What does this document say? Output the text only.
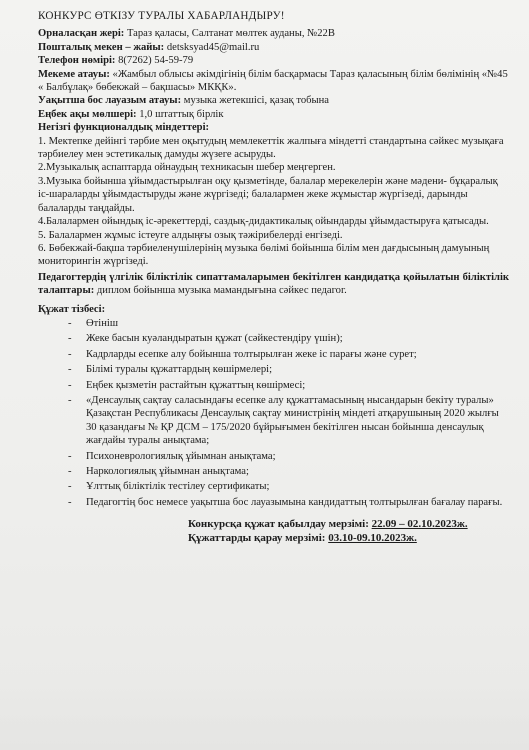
КОНКУРС ӨТКІЗУ ТУРАЛЫ ХАБАРЛАНДЫРУ!

Орналасқан жері: Тараз қаласы, Салтанат мөлтек ауданы, №22В

Пошталық мекен – жайы: detsksyad45@mail.ru

Телефон нөмірі: 8(7262) 54-59-79

Мекеме атауы: «Жамбыл облысы әкімдігінің білім басқармасы Тараз қаласының білім бөлімінің «№45 « Балбұлақ» бөбекжай – бақшасы» МКҚК».

Уақытша бос лауазым атауы: музыка жетекшісі, қазақ тобына

Еңбек ақы мөлшері: 1,0 штаттық бірлік

Негізгі функционалдық міндеттері:

1. Мектепке дейінгі тәрбие мен оқытудың мемлекеттік жалпыға міндетті стандартына сәйкес музықаға тәрбиелеу мен эстетикалық дамуды жүзеге асыруды.

2.Музыкалық аспаптарда ойнаудың техникасын шебер меңгерген.

3.Музыка бойынша ұйымдастырылған оқу қызметінде, балалар мерекелерін және мәдени- бұқаралық іс-шараларды ұйымдастыруды және жүргізеді; балалармен жеке жұмыстар жүргізеді, дарынды балаларды таңдайды.

4.Балалармен ойындық іс-әрекеттерді, саздық-дидактикалық ойындарды ұйымдастыруға қатысады.

5. Балалармен жұмыс істеуге алдыңғы озық тәжірибелерді енгізеді.

6. Бөбекжай-бақша тәрбиеленушілерінің музыка бөлімі бойынша білім мен дағдысының дамуының мониторингін жүргізеді.

Педагогтердің үлгілік біліктілік сипаттамаларымен бекітілген кандидатқа қойылатын біліктілік талаптары: диплом бойынша музыка мамандығына сәйкес педагог.

Құжат тізбесі:
- Өтініш
- Жеке басын куәландыратын құжат (сәйкестендіру үшін);
- Кадрларды есепке алу бойынша толтырылған жеке іс парағы және сурет;
- Білімі туралы құжаттардың көшірмелері;
- Еңбек қызметін растайтын құжаттың көшірмесі;
- «Денсаулық сақтау саласындағы есепке алу құжаттамасының нысандарын бекіту туралы» Қазақстан Республикасы Денсаулық сақтау министрінің міндеті атқарушының 2020 жылғы 30 қазандағы № ҚР ДСМ – 175/2020 бұйрығымен бекітілген нысан бойынша денсаулық жағдайы туралы анықтама;
- Психоневрологиялық ұйымнан анықтама;
- Наркологиялық ұйымнан анықтама;
- Ұлттық біліктілік тестілеу сертификаты;
- Педагогтің бос немесе уақытша бос лауазымына кандидаттың толтырылған бағалау парағы.

Конкурсқа құжат қабылдау мерзімі: 22.09 – 02.10.2023ж.

Құжаттарды қарау мерзімі: 03.10-09.10.2023ж.
